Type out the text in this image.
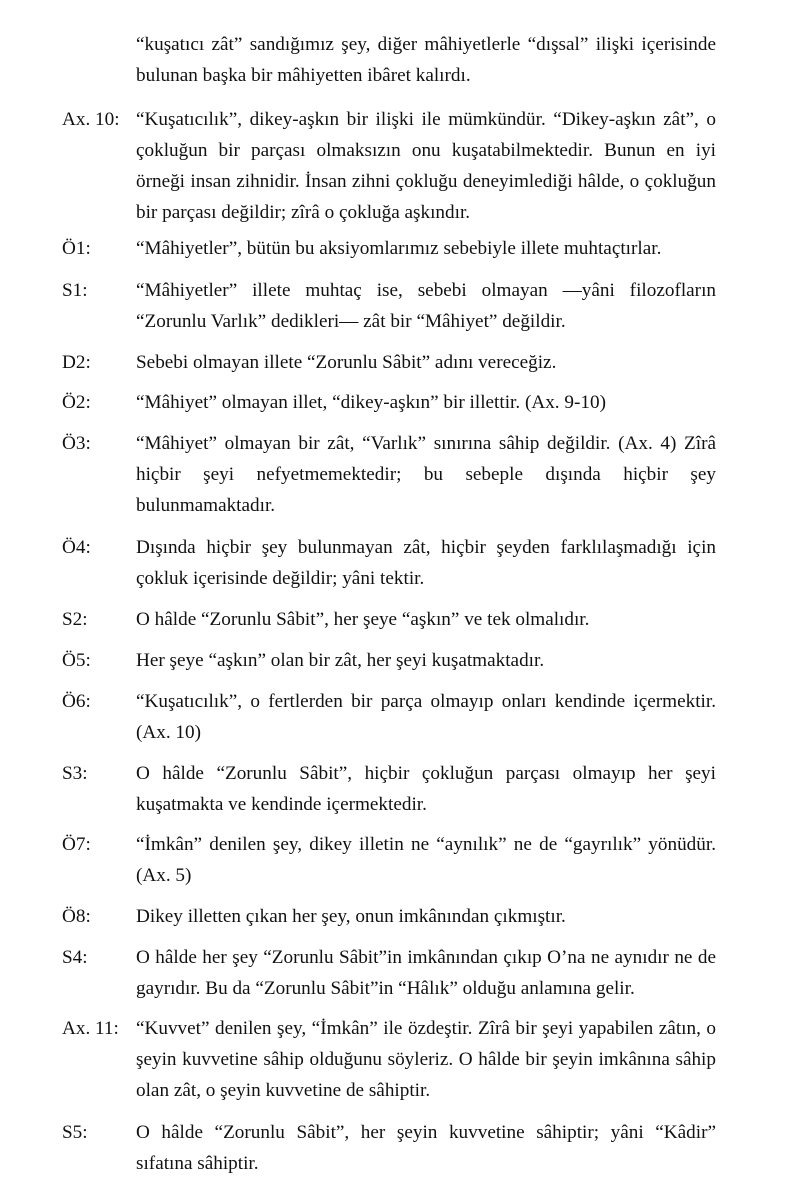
“kuşatıcı zât” sandığımız şey, diğer mâhiyetlerle “dışsal” ilişki içerisinde bulunan başka bir mâhiyetten ibâret kalırdı.
Ax. 10: “Kuşatıcılık”, dikey-aşkın bir ilişki ile mümkündür. “Dikey-aşkın zât”, o çokluğun bir parçası olmaksızın onu kuşatabilmektedir. Bunun en iyi örneği insan zihnidir. İnsan zihni çokluğu deneyimlediği hâlde, o çokluğun bir parçası değildir; zîrâ o çokluğa aşkındır.
Ö1: “Mâhiyetler”, bütün bu aksiyomlarımız sebebiyle illete muhtaçtırlar.
S1:	“Mâhiyetler” illete muhtaç ise, sebebi olmayan —yâni filozofların “Zorunlu Varlık” dedikleri— zât bir “Mâhiyet” değildir.
D2: Sebebi olmayan illete “Zorunlu Sâbit” adını vereceğiz.
Ö2: “Mâhiyet” olmayan illet, “dikey-aşkın” bir illettir. (Ax. 9-10)
Ö3: “Mâhiyet” olmayan bir zât, “Varlık” sınırına sâhip değildir. (Ax. 4) Zîrâ hiçbir şeyi nefyetmemektedir; bu sebeple dışında hiçbir şey bulunmamaktadır.
Ö4: Dışında hiçbir şey bulunmayan zât, hiçbir şeyden farklılaşmadığı için çokluk içerisinde değildir; yâni tektir.
S2:	O hâlde “Zorunlu Sâbit”, her şeye “aşkın” ve tek olmalıdır.
Ö5: Her şeye “aşkın” olan bir zât, her şeyi kuşatmaktadır.
Ö6: “Kuşatıcılık”, o fertlerden bir parça olmayıp onları kendinde içermektir. (Ax. 10)
S3:	O hâlde “Zorunlu Sâbit”, hiçbir çokluğun parçası olmayıp her şeyi kuşatmakta ve kendinde içermektedir.
Ö7: “İmkân” denilen şey, dikey illetin ne “aynılık” ne de “gayrılık” yönüdür. (Ax. 5)
Ö8: Dikey illetten çıkan her şey, onun imkânından çıkmıştır.
S4:	O hâlde her şey “Zorunlu Sâbit”in imkânından çıkıp O’na ne aynıdır ne de gayrıdır. Bu da “Zorunlu Sâbit”in “Hâlık” olduğu anlamına gelir.
Ax. 11: “Kuvvet” denilen şey, “İmkân” ile özdeştir. Zîrâ bir şeyi yapabilen zâtın, o şeyin kuvvetine sâhip olduğunu söyleriz. O hâlde bir şeyin imkânına sâhip olan zât, o şeyin kuvvetine de sâhiptir.
S5:	O hâlde “Zorunlu Sâbit”, her şeyin kuvvetine sâhiptir; yâni “Kâdir” sıfatına sâhiptir.
